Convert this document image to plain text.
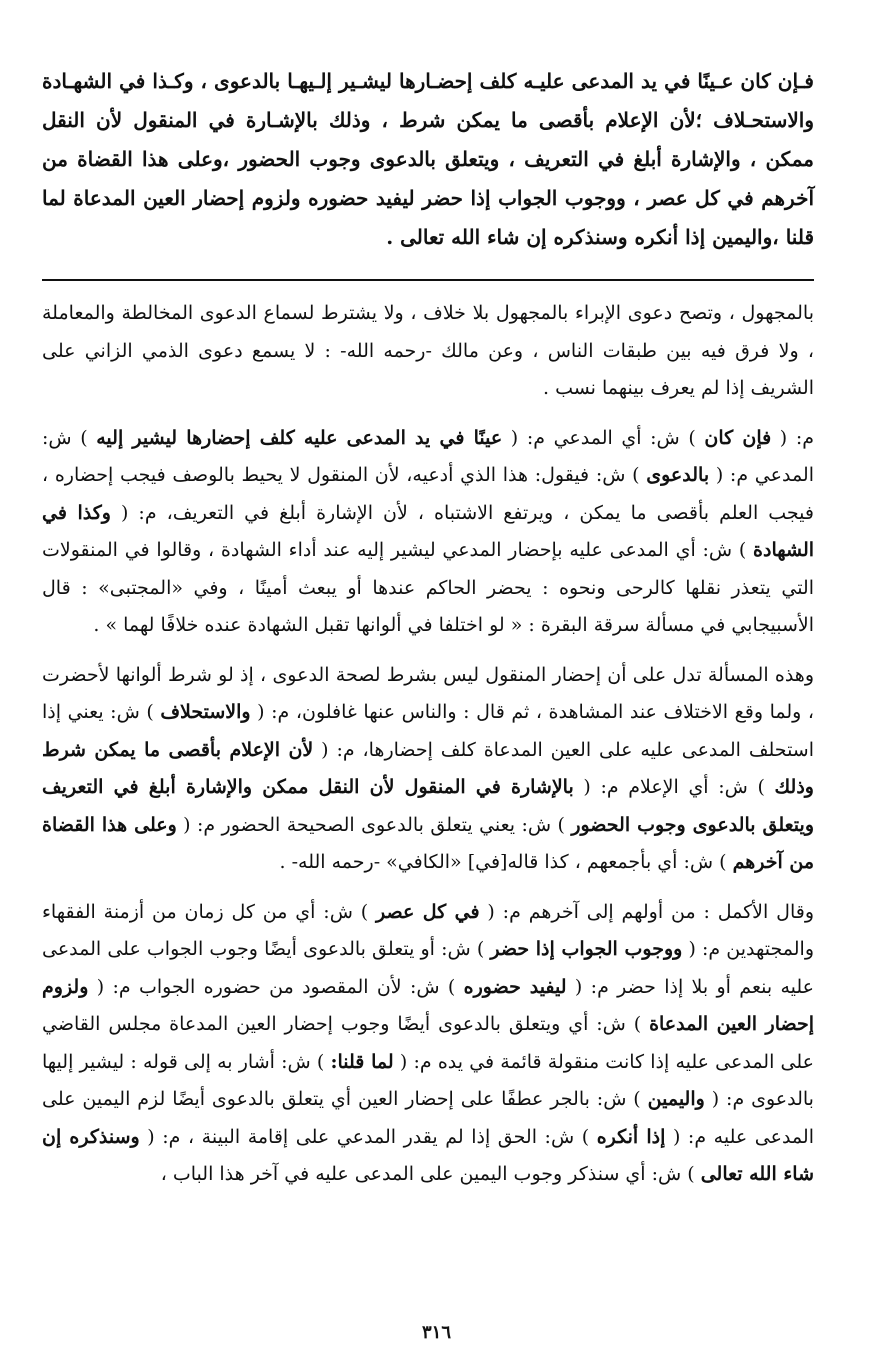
فـإن كان عـينًا في يد المدعى عليـه كلف إحضـارها ليشـير إلـيهـا بالدعوى ، وكـذا في الشهـادة والاستحـلاف ؛لأن الإعلام بأقصى ما يمكن شرط ، وذلك بالإشـارة في المنقول لأن النقل ممكن ، والإشارة أبلغ في التعريف ، ويتعلق بالدعوى وجوب الحضور ،وعلى هذا القضاة من آخرهم في كل عصر ، ووجوب الجواب إذا حضر ليفيد حضوره ولزوم إحضار العين المدعاة لما قلنا ،واليمين إذا أنكره وسنذكره إن شاء الله تعالى .

بالمجهول ، وتصح دعوى الإبراء بالمجهول بلا خلاف ، ولا يشترط لسماع الدعوى المخالطة والمعاملة ، ولا فرق فيه بين طبقات الناس ، وعن مالك -رحمه الله- : لا يسمع دعوى الذمي الزاني على الشريف إذا لم يعرف بينهما نسب .

م: ( فإن كان ) ش: أي المدعي م: ( عينًا في يد المدعى عليه كلف إحضارها ليشير إليه ) ش: المدعي م: ( بالدعوى ) ش: فيقول: هذا الذي أدعيه، لأن المنقول لا يحيط بالوصف فيجب إحضاره ، فيجب العلم بأقصى ما يمكن ، ويرتفع الاشتباه ، لأن الإشارة أبلغ في التعريف، م: ( وكذا في الشهادة ) ش: أي المدعى عليه بإحضار المدعي ليشير إليه عند أداء الشهادة ، وقالوا في المنقولات التي يتعذر نقلها كالرحى ونحوه : يحضر الحاكم عندها أو يبعث أمينًا ، وفي «المجتبى» : قال الأسبيجابي في مسألة سرقة البقرة : « لو اختلفا في ألوانها تقبل الشهادة عنده خلافًا لهما » .

وهذه المسألة تدل على أن إحضار المنقول ليس بشرط لصحة الدعوى ، إذ لو شرط ألوانها لأحضرت ، ولما وقع الاختلاف عند المشاهدة ، ثم قال : والناس عنها غافلون، م: ( والاستحلاف ) ش: يعني إذا استحلف المدعى عليه على العين المدعاة كلف إحضارها، م: ( لأن الإعلام بأقصى ما يمكن شرط وذلك ) ش: أي الإعلام م: ( بالإشارة في المنقول لأن النقل ممكن والإشارة أبلغ في التعريف ويتعلق بالدعوى وجوب الحضور ) ش: يعني يتعلق بالدعوى الصحيحة الحضور م: ( وعلى هذا القضاة من آخرهم ) ش: أي بأجمعهم ، كذا قاله[في] «الكافي» -رحمه الله- .

وقال الأكمل : من أولهم إلى آخرهم م: ( في كل عصر ) ش: أي من كل زمان من أزمنة الفقهاء والمجتهدين م: ( ووجوب الجواب إذا حضر ) ش: أو يتعلق بالدعوى أيضًا وجوب الجواب على المدعى عليه بنعم أو بلا إذا حضر م: ( ليفيد حضوره ) ش: لأن المقصود من حضوره الجواب م: ( ولزوم إحضار العين المدعاة ) ش: أي ويتعلق بالدعوى أيضًا وجوب إحضار العين المدعاة مجلس القاضي على المدعى عليه إذا كانت منقولة قائمة في يده م: ( لما قلنا: ) ش: أشار به إلى قوله : ليشير إليها بالدعوى م: ( واليمين ) ش: بالجر عطفًا على إحضار العين أي يتعلق بالدعوى أيضًا لزم اليمين على المدعى عليه م: ( إذا أنكره ) ش: الحق إذا لم يقدر المدعي على إقامة البينة ، م: ( وسنذكره إن شاء الله تعالى ) ش: أي سنذكر وجوب اليمين على المدعى عليه في آخر هذا الباب ،

٣١٦
